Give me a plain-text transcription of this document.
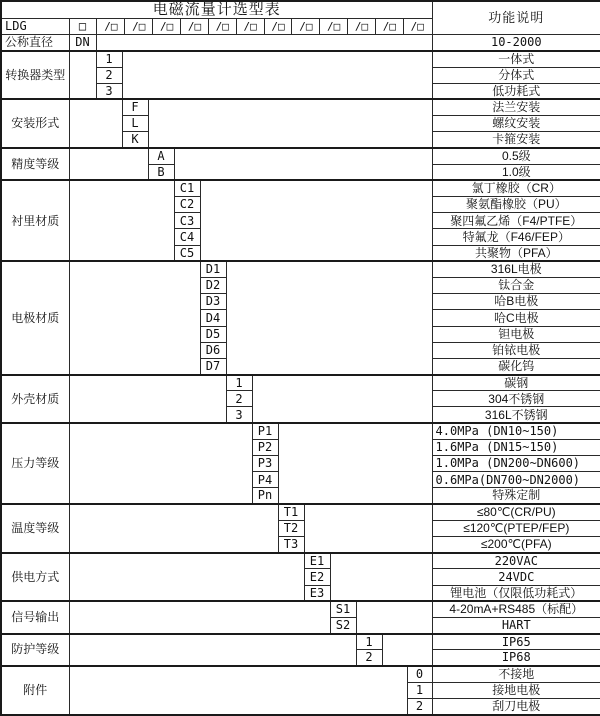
电磁流量计选型表															功能说明
LDG	□	/□	/□	/□	/□	/□	/□	/□	/□	/□	/□	/□	/□

公称直径	DN														10-2000
转换器类型		1													一体式
		2													分体式
		3													低功耗式
安装形式			F												法兰安装
			L												螺纹安装
			K												卡箍安装
精度等级				A											0.5级
				B											1.0级
衬里材质					C1										氯丁橡胶（CR）
					C2										聚氨酯橡胶（PU）
					C3										聚四氟乙烯（F4/PTFE）
					C4										特氟龙（F46/FEP）
					C5										共聚物（PFA）
电极材质						D1									316L电极
						D2									钛合金
						D3									哈B电极
						D4									哈C电极
						D5									钽电极
						D6									铂铱电极
						D7									碳化钨
外壳材质							1								碳钢
							2								304不锈钢
							3								316L不锈钢
压力等级								P1							4.0MPa (DN10~150)
								P2							1.6MPa (DN15~150)
								P3							1.0MPa (DN200~DN600)
								P4							0.6MPa(DN700~DN2000)
								Pn							特殊定制
温度等级									T1						≤80℃(CR/PU)
									T2						≤120℃(PTEP/FEP)
									T3						≤200℃(PFA)
供电方式										E1					220VAC
										E2					24VDC
										E3					锂电池（仅限低功耗式）
信号输出											S1				4-20mA+RS485（标配）
											S2				HART
防护等级												1			IP65
												2			IP68
附件														0	不接地
														1	接地电极
														2	刮刀电极
